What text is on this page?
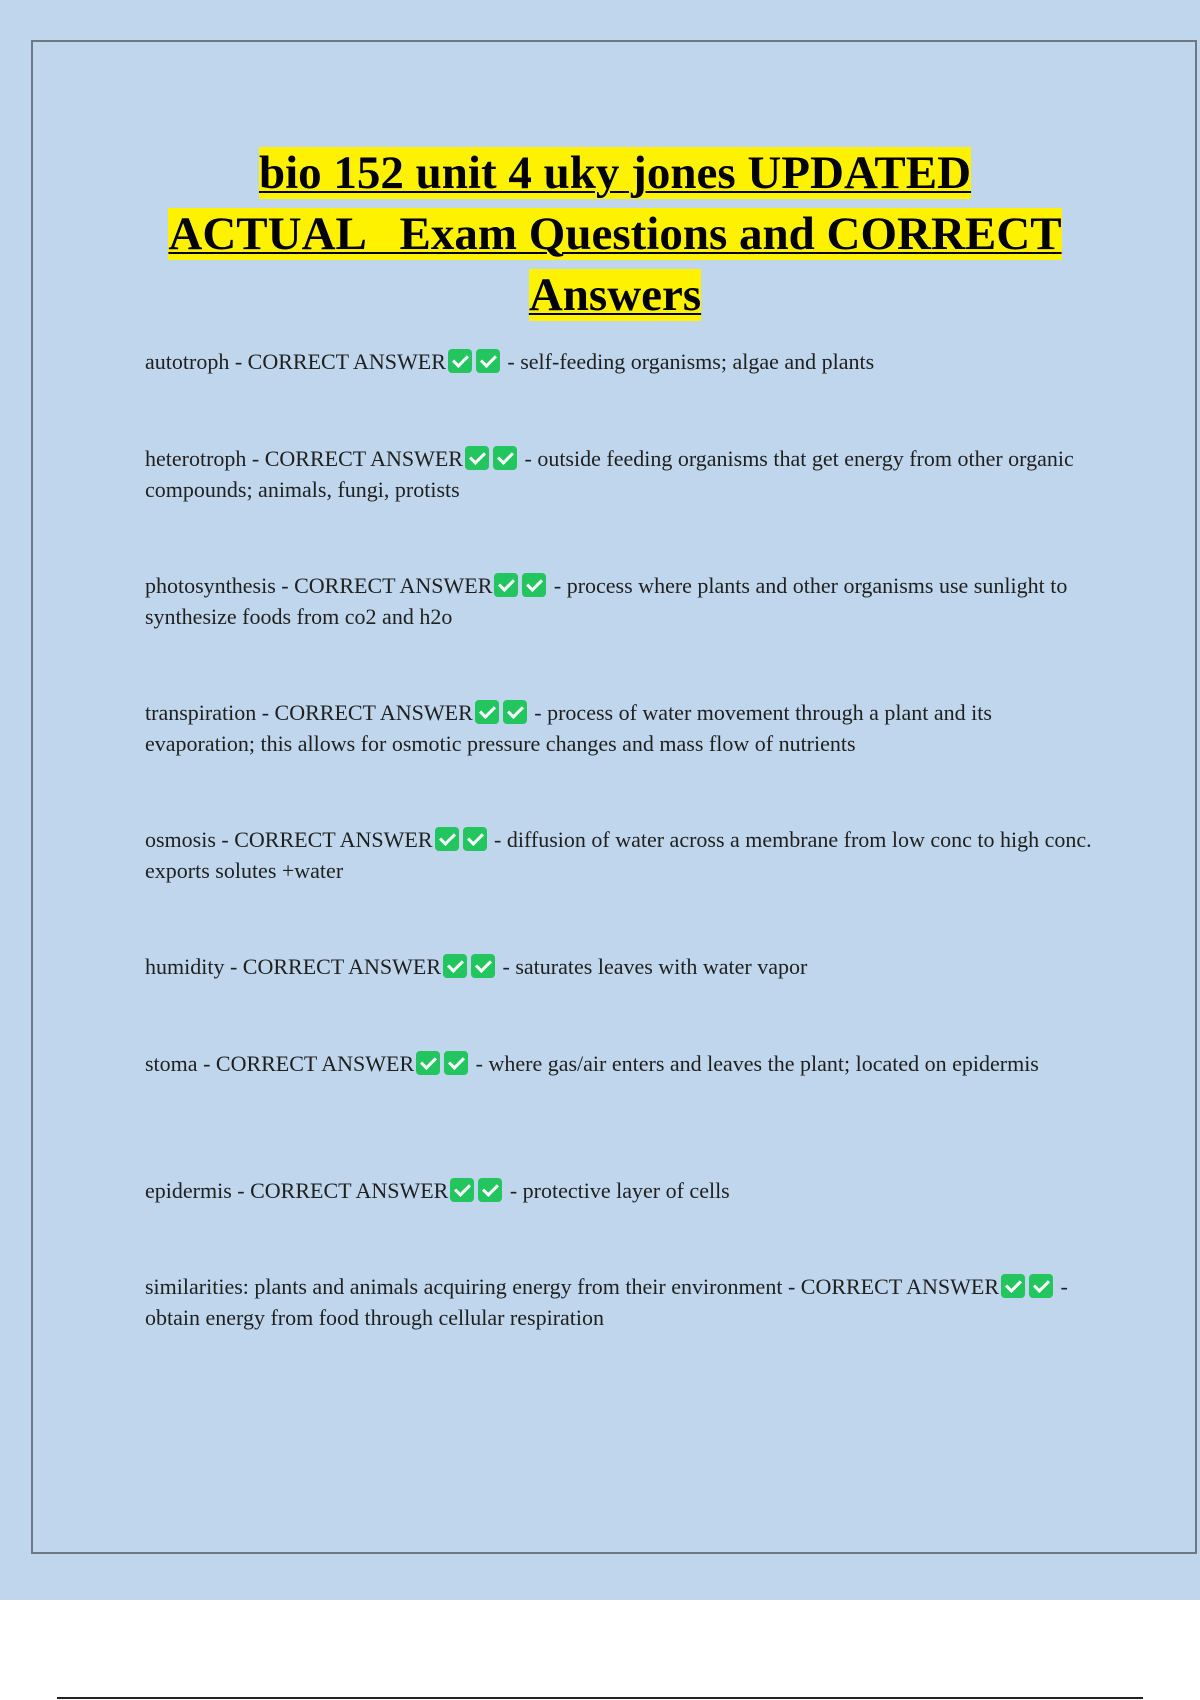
bio 152 unit 4 uky jones UPDATED
ACTUAL   Exam Questions and CORRECT
Answers
autotroph - CORRECT ANSWER	- self-feeding organisms; algae and plants
heterotroph - CORRECT ANSWER	- outside feeding organisms that get energy from other organic compounds; animals, fungi, protists
photosynthesis - CORRECT ANSWER	- process where plants and other organisms use sunlight to synthesize foods from co2 and h2o
transpiration - CORRECT ANSWER	- process of water movement through a plant and its evaporation; this allows for osmotic pressure changes and mass flow of nutrients
osmosis - CORRECT ANSWER	- diffusion of water across a membrane from low conc to high conc. exports solutes +water
humidity - CORRECT ANSWER	- saturates leaves with water vapor
stoma - CORRECT ANSWER	- where gas/air enters and leaves the plant; located on epidermis
epidermis - CORRECT ANSWER	- protective layer of cells
similarities: plants and animals acquiring energy from their environment - CORRECT ANSWER	- obtain energy from food through cellular respiration
